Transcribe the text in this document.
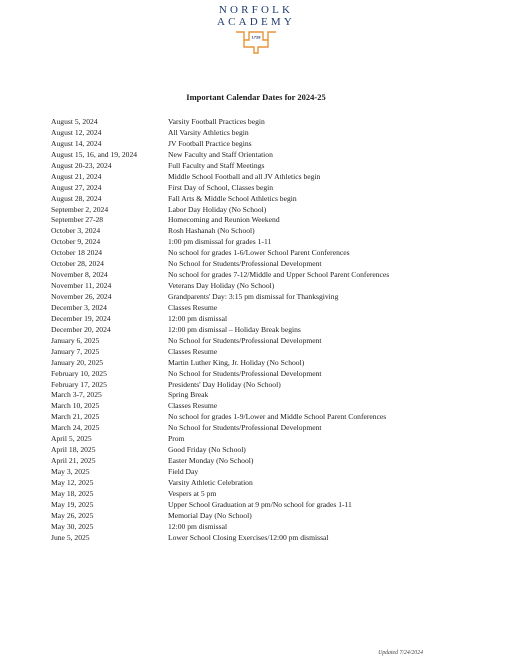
NORFOLK
ACADEMY
1728
Important Calendar Dates for 2024-25
August 5, 2024	Varsity Football Practices begin
August 12, 2024	All Varsity Athletics begin
August 14, 2024	JV Football Practice begins
August 15, 16, and 19, 2024	New Faculty and Staff Orientation
August 20-23, 2024	Full Faculty and Staff Meetings
August 21, 2024	Middle School Football and all JV Athletics begin
August 27, 2024	First Day of School, Classes begin
August 28, 2024	Fall Arts & Middle School Athletics begin
September 2, 2024	Labor Day Holiday (No School)
September 27-28	Homecoming and Reunion Weekend
October 3, 2024	Rosh Hashanah (No School)
October 9, 2024	1:00 pm dismissal for grades 1-11
October 18 2024	No school for grades 1-6/Lower School Parent Conferences
October 28, 2024	No School for Students/Professional Development
November 8, 2024	No school for grades 7-12/Middle and Upper School Parent Conferences
November 11, 2024	Veterans Day Holiday (No School)
November 26, 2024	Grandparents' Day: 3:15 pm dismissal for Thanksgiving
December 3, 2024	Classes Resume
December 19, 2024	12:00 pm dismissal
December 20, 2024	12:00 pm dismissal – Holiday Break begins
January 6, 2025	No School for Students/Professional Development
January 7, 2025	Classes Resume
January 20, 2025	Martin Luther King, Jr. Holiday (No School)
February 10, 2025	No School for Students/Professional Development
February 17, 2025	Presidents' Day Holiday (No School)
March 3-7, 2025	Spring Break
March 10, 2025	Classes Resume
March 21, 2025	No school for grades 1-9/Lower and Middle School Parent Conferences
March 24, 2025	No School for Students/Professional Development
April 5, 2025	Prom
April 18, 2025	Good Friday (No School)
April 21, 2025	Easter Monday (No School)
May 3, 2025	Field Day
May 12, 2025	Varsity Athletic Celebration
May 18, 2025	Vespers at 5 pm
May 19, 2025	Upper School Graduation at 9 pm/No school for grades 1-11
May 26, 2025	Memorial Day (No School)
May 30, 2025	12:00 pm dismissal
June 5, 2025	Lower School Closing Exercises/12:00 pm dismissal
Updated 7/24/2024
